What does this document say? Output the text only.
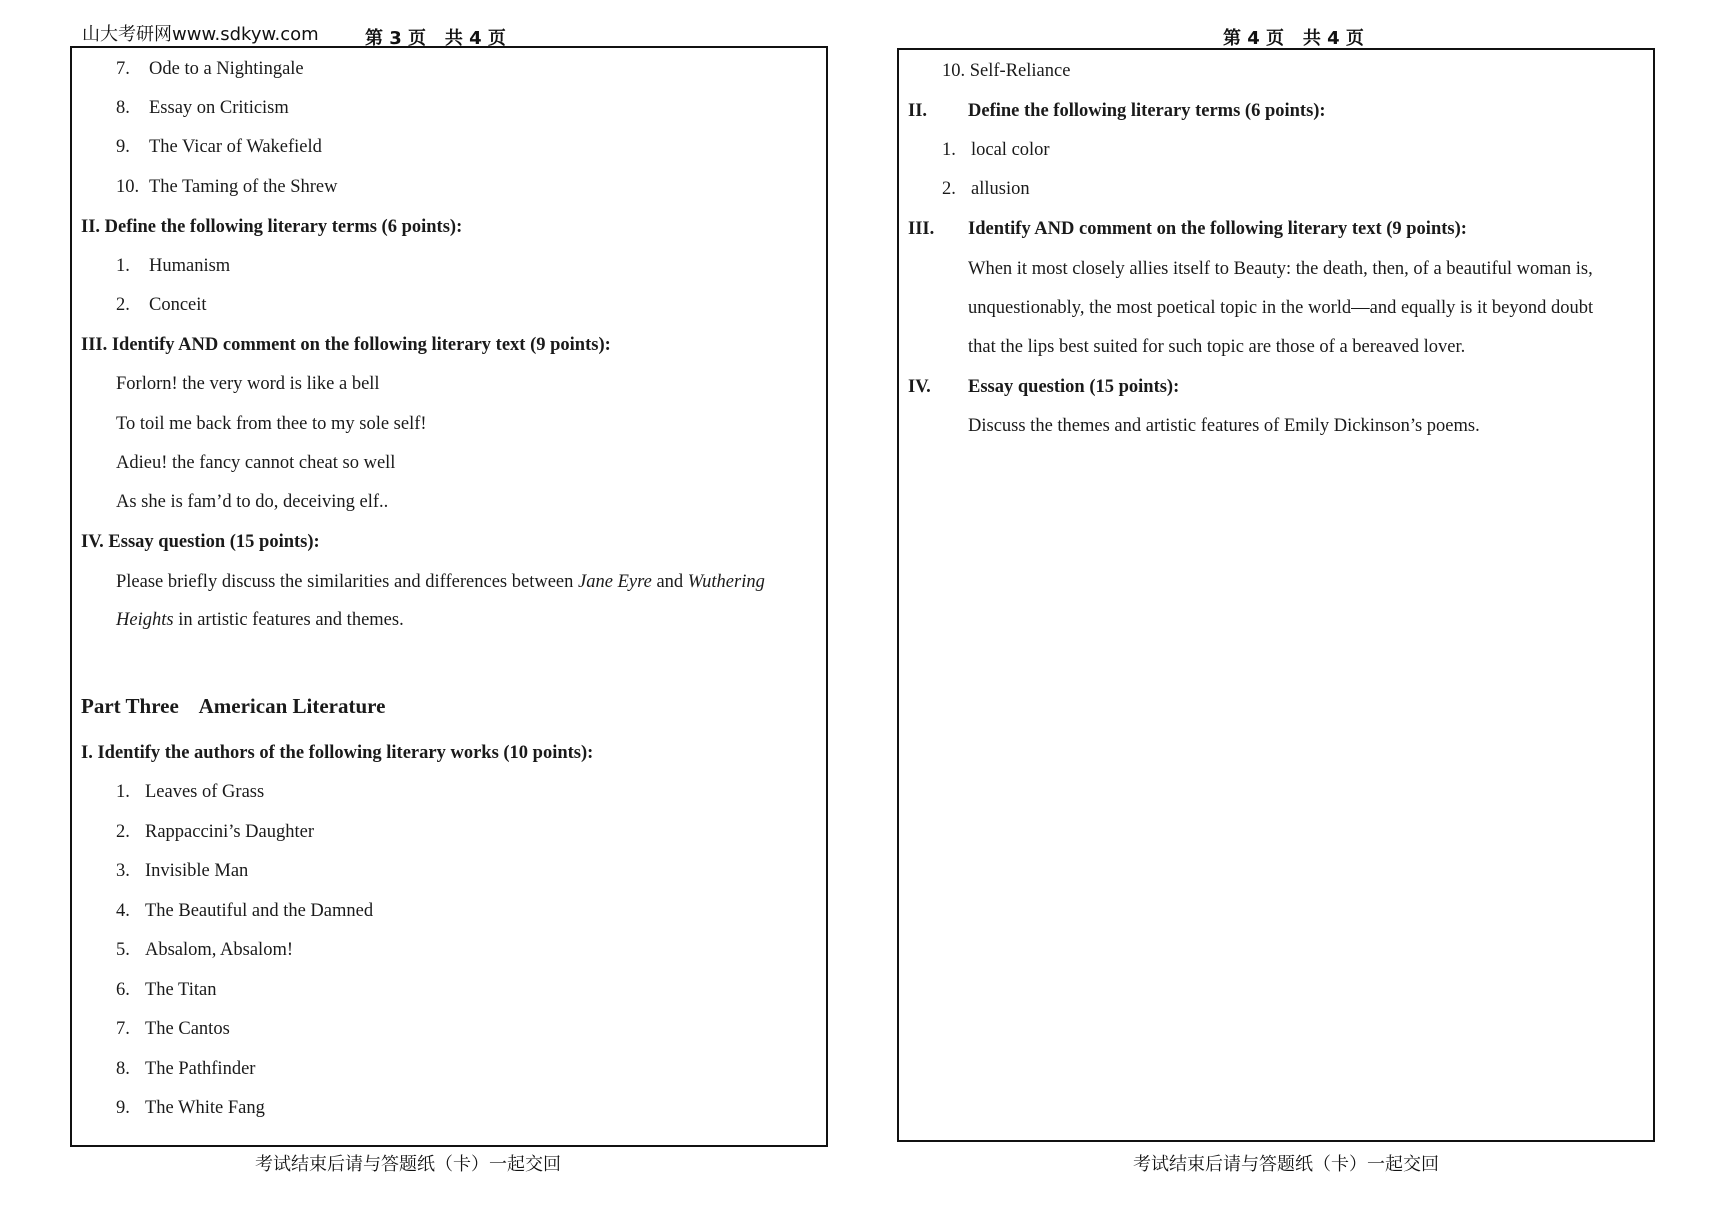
山大考研网www.sdkyw.com	第 3 页   共 4 页
7. Ode to a Nightingale
8. Essay on Criticism
9. The Vicar of Wakefield
10. The Taming of the Shrew
II. Define the following literary terms (6 points):
1. Humanism
2. Conceit
III. Identify AND comment on the following literary text (9 points):
Forlorn! the very word is like a bell
To toil me back from thee to my sole self!
Adieu! the fancy cannot cheat so well
As she is fam’d to do, deceiving elf..
IV. Essay question (15 points):
Please briefly discuss the similarities and differences between Jane Eyre and Wuthering
Heights in artistic features and themes.
Part Three    American Literature
I. Identify the authors of the following literary works (10 points):
1. Leaves of Grass
2. Rappaccini’s Daughter
3. Invisible Man
4. The Beautiful and the Damned
5. Absalom, Absalom!
6. The Titan
7. The Cantos
8. The Pathfinder
9. The White Fang
考试结束后请与答题纸（卡）一起交回
第 4 页   共 4 页
10. Self-Reliance
II. Define the following literary terms (6 points):
1. local color
2. allusion
III. Identify AND comment on the following literary text (9 points):
When it most closely allies itself to Beauty: the death, then, of a beautiful woman is,
unquestionably, the most poetical topic in the world—and equally is it beyond doubt
that the lips best suited for such topic are those of a bereaved lover.
IV. Essay question (15 points):
Discuss the themes and artistic features of Emily Dickinson’s poems.
考试结束后请与答题纸（卡）一起交回
